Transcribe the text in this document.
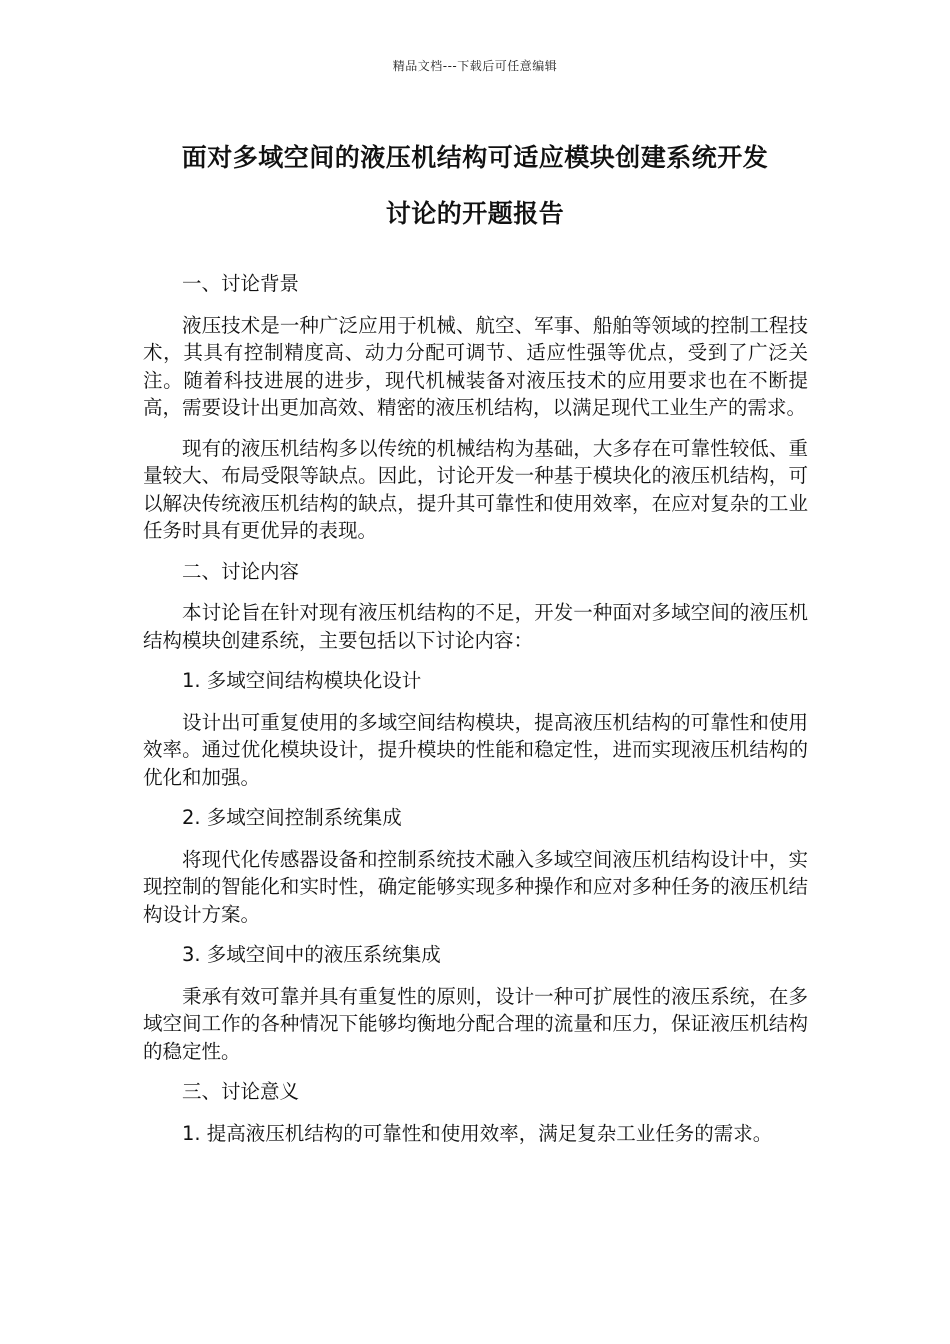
精品文档---下载后可任意编辑
面对多域空间的液压机结构可适应模块创建系统开发
讨论的开题报告

一、讨论背景

液压技术是一种广泛应用于机械、航空、军事、船舶等领域的控制工程技术，其具有控制精度高、动力分配可调节、适应性强等优点，受到了广泛关注。随着科技进展的进步，现代机械装备对液压技术的应用要求也在不断提高，需要设计出更加高效、精密的液压机结构，以满足现代工业生产的需求。

现有的液压机结构多以传统的机械结构为基础，大多存在可靠性较低、重量较大、布局受限等缺点。因此，讨论开发一种基于模块化的液压机结构，可以解决传统液压机结构的缺点，提升其可靠性和使用效率，在应对复杂的工业任务时具有更优异的表现。

二、讨论内容

本讨论旨在针对现有液压机结构的不足，开发一种面对多域空间的液压机结构模块创建系统，主要包括以下讨论内容：

1. 多域空间结构模块化设计

设计出可重复使用的多域空间结构模块，提高液压机结构的可靠性和使用效率。通过优化模块设计，提升模块的性能和稳定性，进而实现液压机结构的优化和加强。

2. 多域空间控制系统集成

将现代化传感器设备和控制系统技术融入多域空间液压机结构设计中，实现控制的智能化和实时性，确定能够实现多种操作和应对多种任务的液压机结构设计方案。

3. 多域空间中的液压系统集成

秉承有效可靠并具有重复性的原则，设计一种可扩展性的液压系统，在多域空间工作的各种情况下能够均衡地分配合理的流量和压力，保证液压机结构的稳定性。

三、讨论意义

1. 提高液压机结构的可靠性和使用效率，满足复杂工业任务的需求。
